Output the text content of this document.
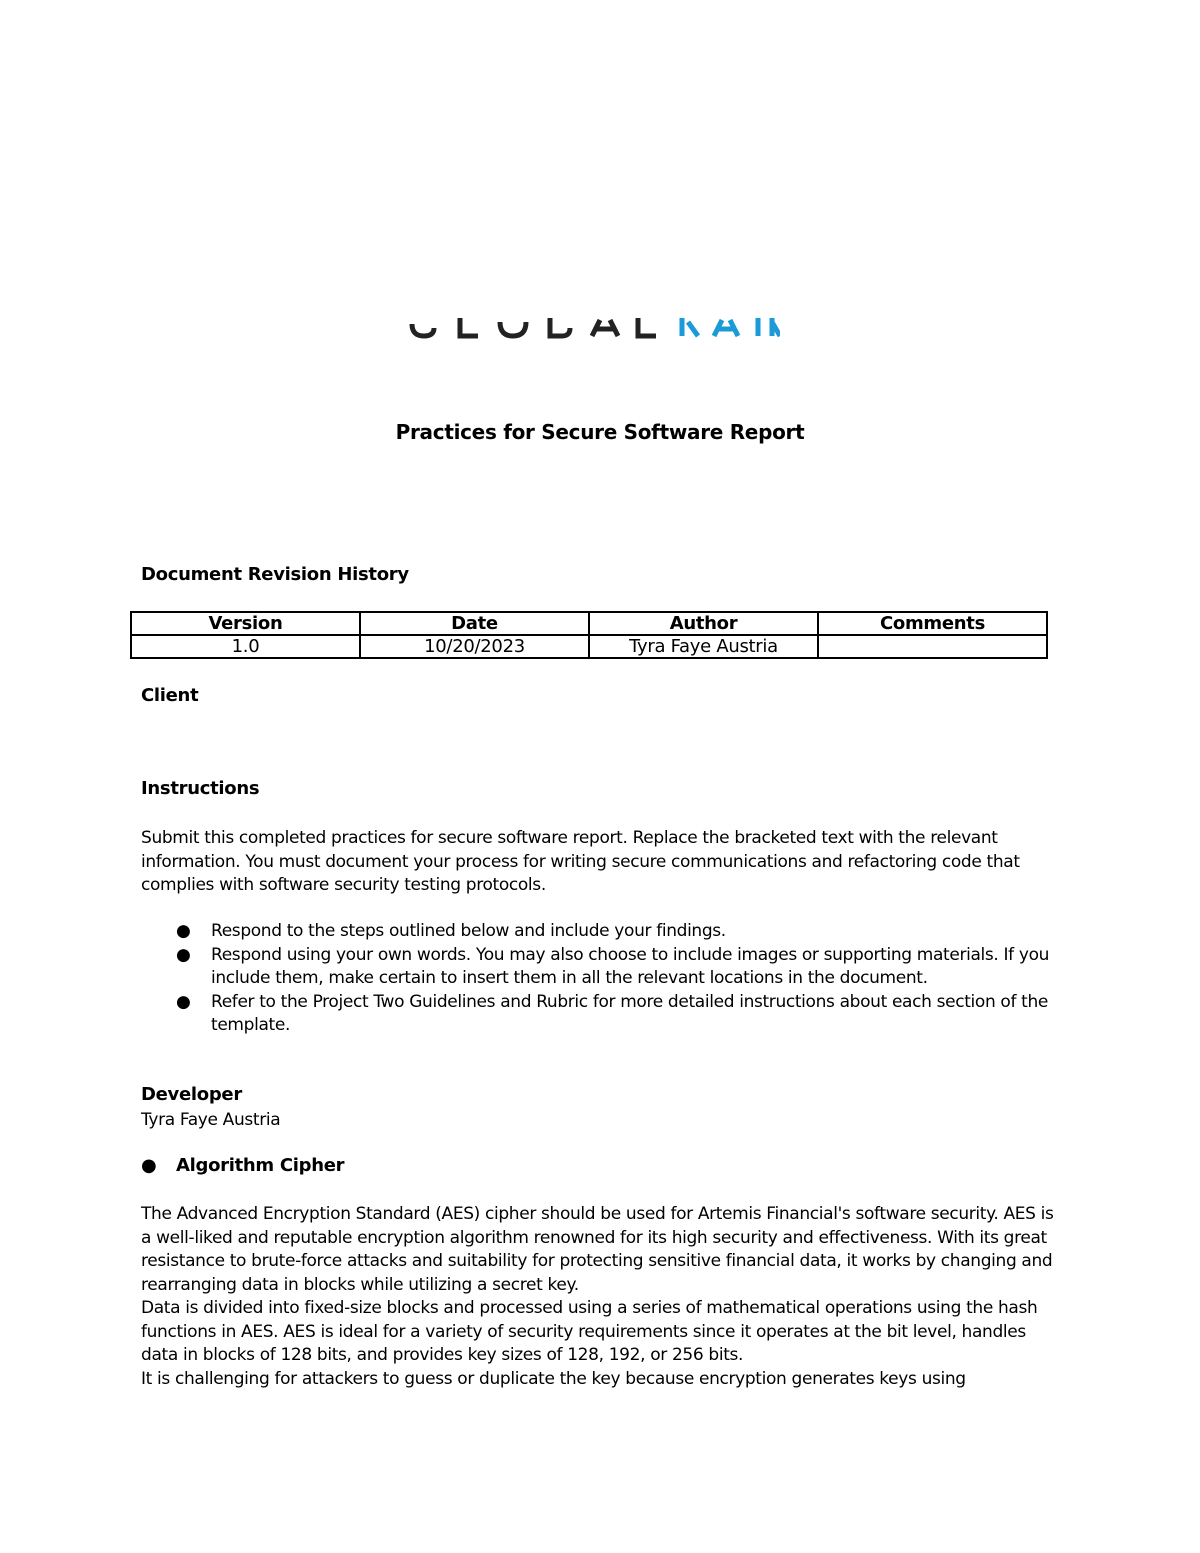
Practices for Secure Software Report
Document Revision History
Version	Date	Author	Comments
1.0	10/20/2023	Tyra Faye Austria	
Client
Instructions
Submit this completed practices for secure software report. Replace the bracketed text with the relevant information. You must document your process for writing secure communications and refactoring code that complies with software security testing protocols.
● Respond to the steps outlined below and include your findings.
● Respond using your own words. You may also choose to include images or supporting materials. If you include them, make certain to insert them in all the relevant locations in the document.
● Refer to the Project Two Guidelines and Rubric for more detailed instructions about each section of the template.
Developer
Tyra Faye Austria
● Algorithm Cipher

The Advanced Encryption Standard (AES) cipher should be used for Artemis Financial's software security. AES is a well-liked and reputable encryption algorithm renowned for its high security and effectiveness. With its great resistance to brute-force attacks and suitability for protecting sensitive financial data, it works by changing and rearranging data in blocks while utilizing a secret key.

Data is divided into fixed-size blocks and processed using a series of mathematical operations using the hash functions in AES. AES is ideal for a variety of security requirements since it operates at the bit level, handles data in blocks of 128 bits, and provides key sizes of 128, 192, or 256 bits.

It is challenging for attackers to guess or duplicate the key because encryption generates keys using
